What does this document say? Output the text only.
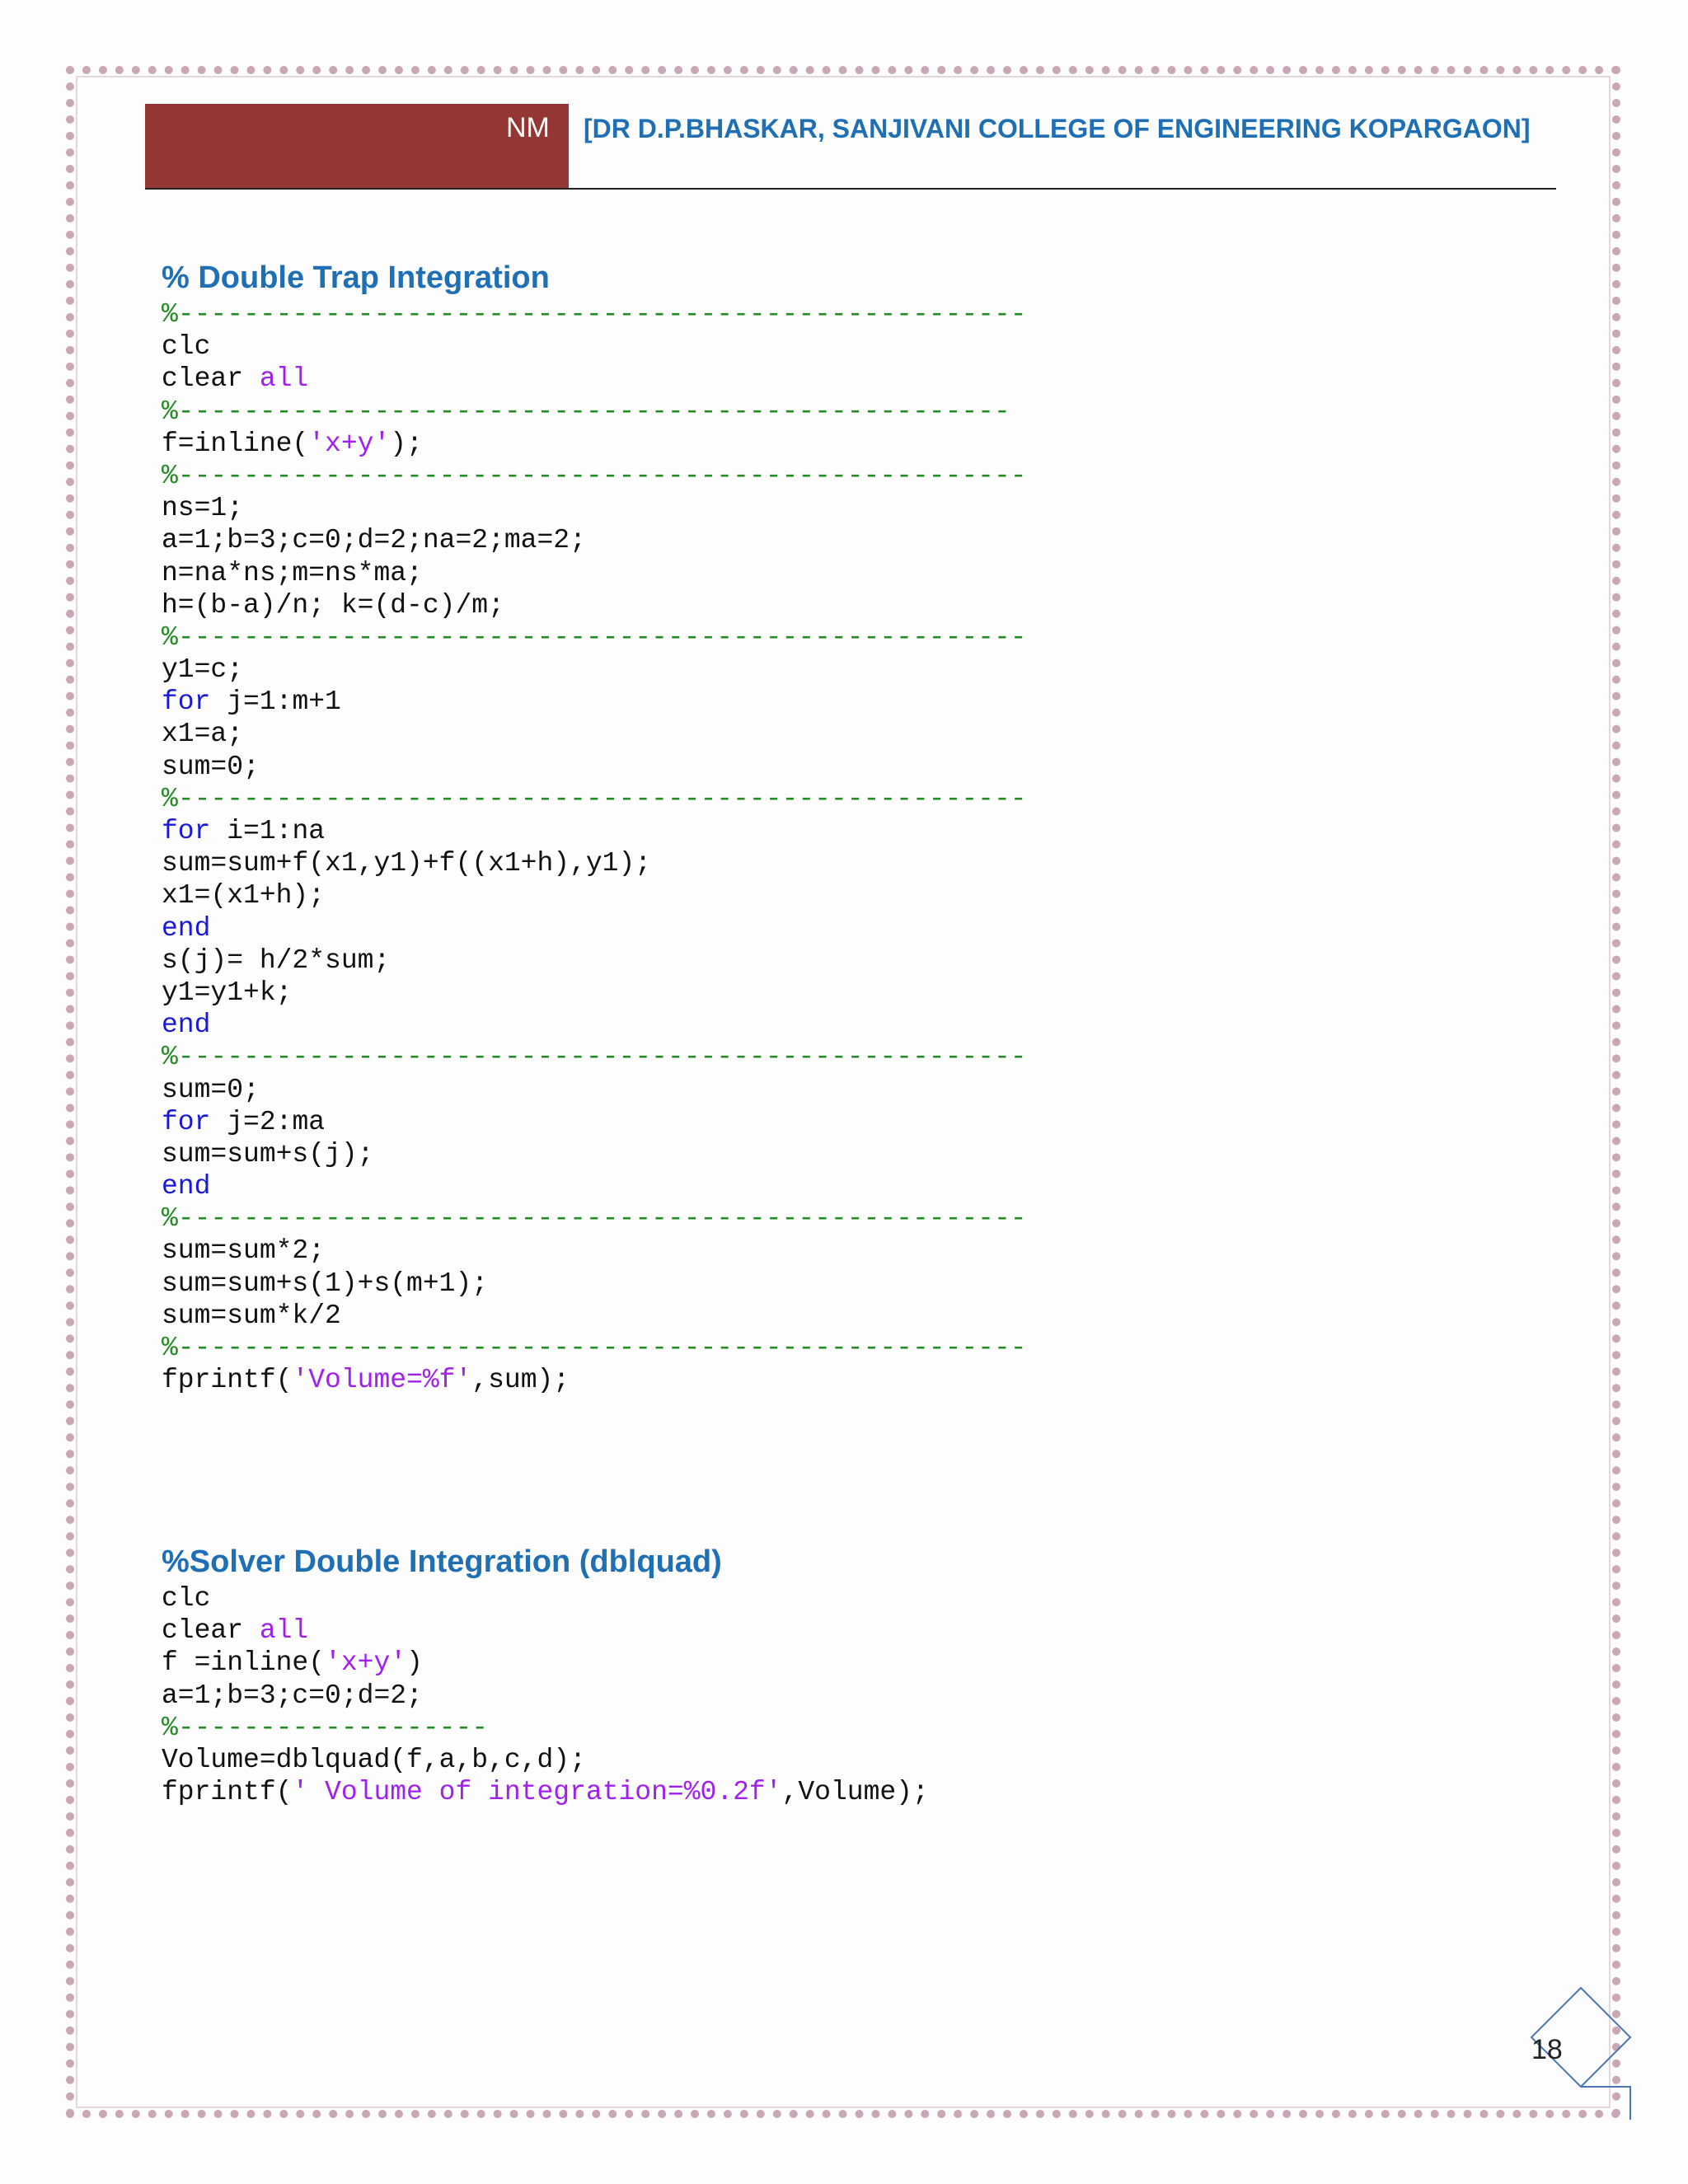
NM [DR D.P.BHASKAR, SANJIVANI COLLEGE OF ENGINEERING KOPARGAON]
% Double Trap Integration
%----------------------------------------------------
clc
clear all
%---------------------------------------------------
f=inline('x+y');
%----------------------------------------------------
ns=1;
a=1;b=3;c=0;d=2;na=2;ma=2;
n=na*ns;m=ns*ma;
h=(b-a)/n; k=(d-c)/m;
%----------------------------------------------------
y1=c;
for j=1:m+1
x1=a;
sum=0;
%----------------------------------------------------
for i=1:na
sum=sum+f(x1,y1)+f((x1+h),y1);
x1=(x1+h);
end
s(j)= h/2*sum;
y1=y1+k;
end
%----------------------------------------------------
sum=0;
for j=2:ma
sum=sum+s(j);
end
%----------------------------------------------------
sum=sum*2;
sum=sum+s(1)+s(m+1);
sum=sum*k/2
%----------------------------------------------------
fprintf('Volume=%f',sum);
%Solver Double Integration (dblquad)
clc
clear all
f =inline('x+y')
a=1;b=3;c=0;d=2;
%-------------------
Volume=dblquad(f,a,b,c,d);
fprintf(' Volume of integration=%0.2f',Volume);
18
